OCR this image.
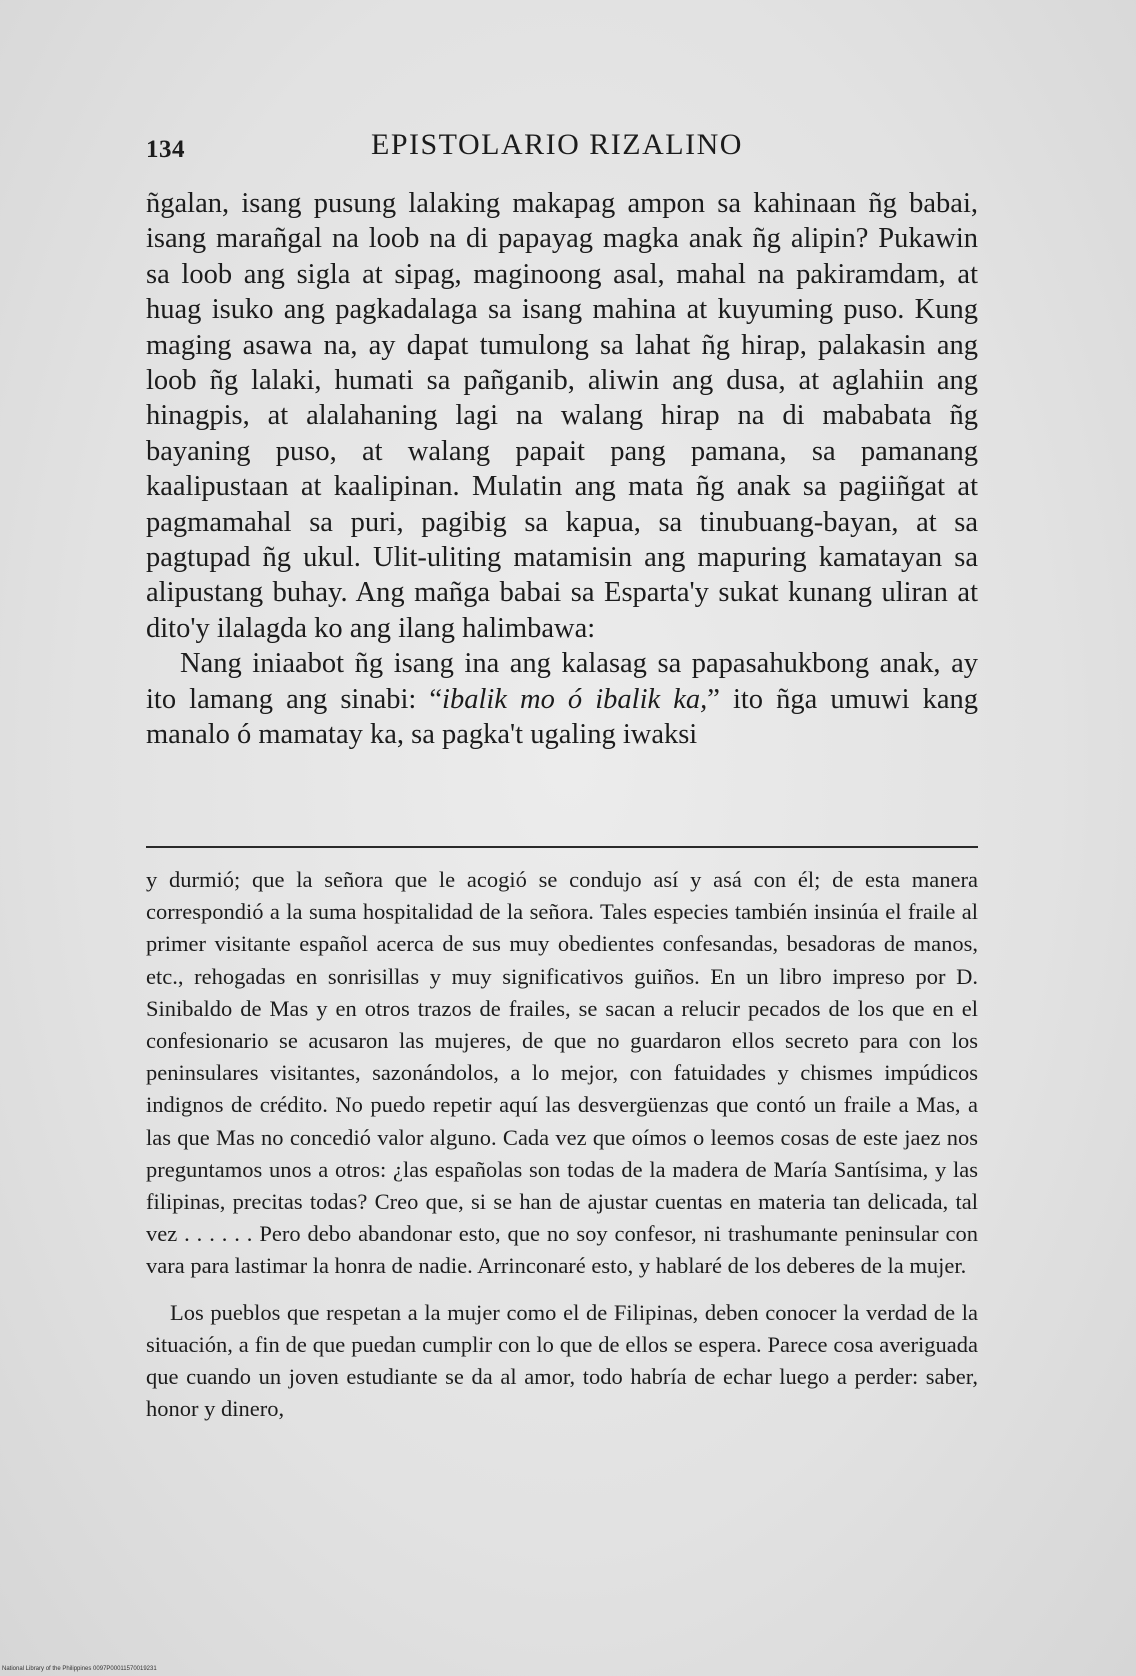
134	EPISTOLARIO RIZALINO

ñgalan, isang pusung lalaking makapag ampon sa kahinaan ñg babai, isang marañgal na loob na di papayag magka anak ñg alipin? Pukawin sa loob ang sigla at sipag, maginoong asal, mahal na pakiramdam, at huag isuko ang pagkadalaga sa isang mahina at kuyuming puso. Kung maging asawa na, ay dapat tumulong sa lahat ñg hirap, palakasin ang loob ñg lalaki, humati sa pañganib, aliwin ang dusa, at aglahiin ang hinagpis, at alalahaning lagi na walang hirap na di mababata ñg bayaning puso, at walang papait pang pamana, sa pamanang kaalipustaan at kaalipinan. Mulatin ang mata ñg anak sa pagiiñgat at pagmamahal sa puri, pagibig sa kapua, sa tinubuang-bayan, at sa pagtupad ñg ukul. Ulit-uliting matamisin ang mapuring kamatayan sa alipustang buhay. Ang mañga babai sa Esparta'y sukat kunang uliran at dito'y ilalagda ko ang ilang halimbawa:

Nang iniaabot ñg isang ina ang kalasag sa papasahukbong anak, ay ito lamang ang sinabi: “ibalik mo ó ibalik ka,” ito ñga umuwi kang manalo ó mamatay ka, sa pagka't ugaling iwaksi

y durmió; que la señora que le acogió se condujo así y asá con él; de esta manera correspondió a la suma hospitalidad de la señora. Tales especies también insinúa el fraile al primer visitante español acerca de sus muy obedientes confesandas, besadoras de manos, etc., rehogadas en sonrisillas y muy significativos guiños. En un libro impreso por D. Sinibaldo de Mas y en otros trazos de frailes, se sacan a relucir pecados de los que en el confesionario se acusaron las mujeres, de que no guardaron ellos secreto para con los peninsulares visitantes, sazonándolos, a lo mejor, con fatuidades y chismes impúdicos indignos de crédito. No puedo repetir aquí las desvergüenzas que contó un fraile a Mas, a las que Mas no concedió valor alguno. Cada vez que oímos o leemos cosas de este jaez nos preguntamos unos a otros: ¿las españolas son todas de la madera de María Santísima, y las filipinas, precitas todas? Creo que, si se han de ajustar cuentas en materia tan delicada, tal vez . . . . . . Pero debo abandonar esto, que no soy confesor, ni trashumante peninsular con vara para lastimar la honra de nadie. Arrinconaré esto, y hablaré de los deberes de la mujer.

Los pueblos que respetan a la mujer como el de Filipinas, deben conocer la verdad de la situación, a fin de que puedan cumplir con lo que de ellos se espera. Parece cosa averiguada que cuando un joven estudiante se da al amor, todo habría de echar luego a perder: saber, honor y dinero,

National Library of the Philippines 0097P00011570019231
